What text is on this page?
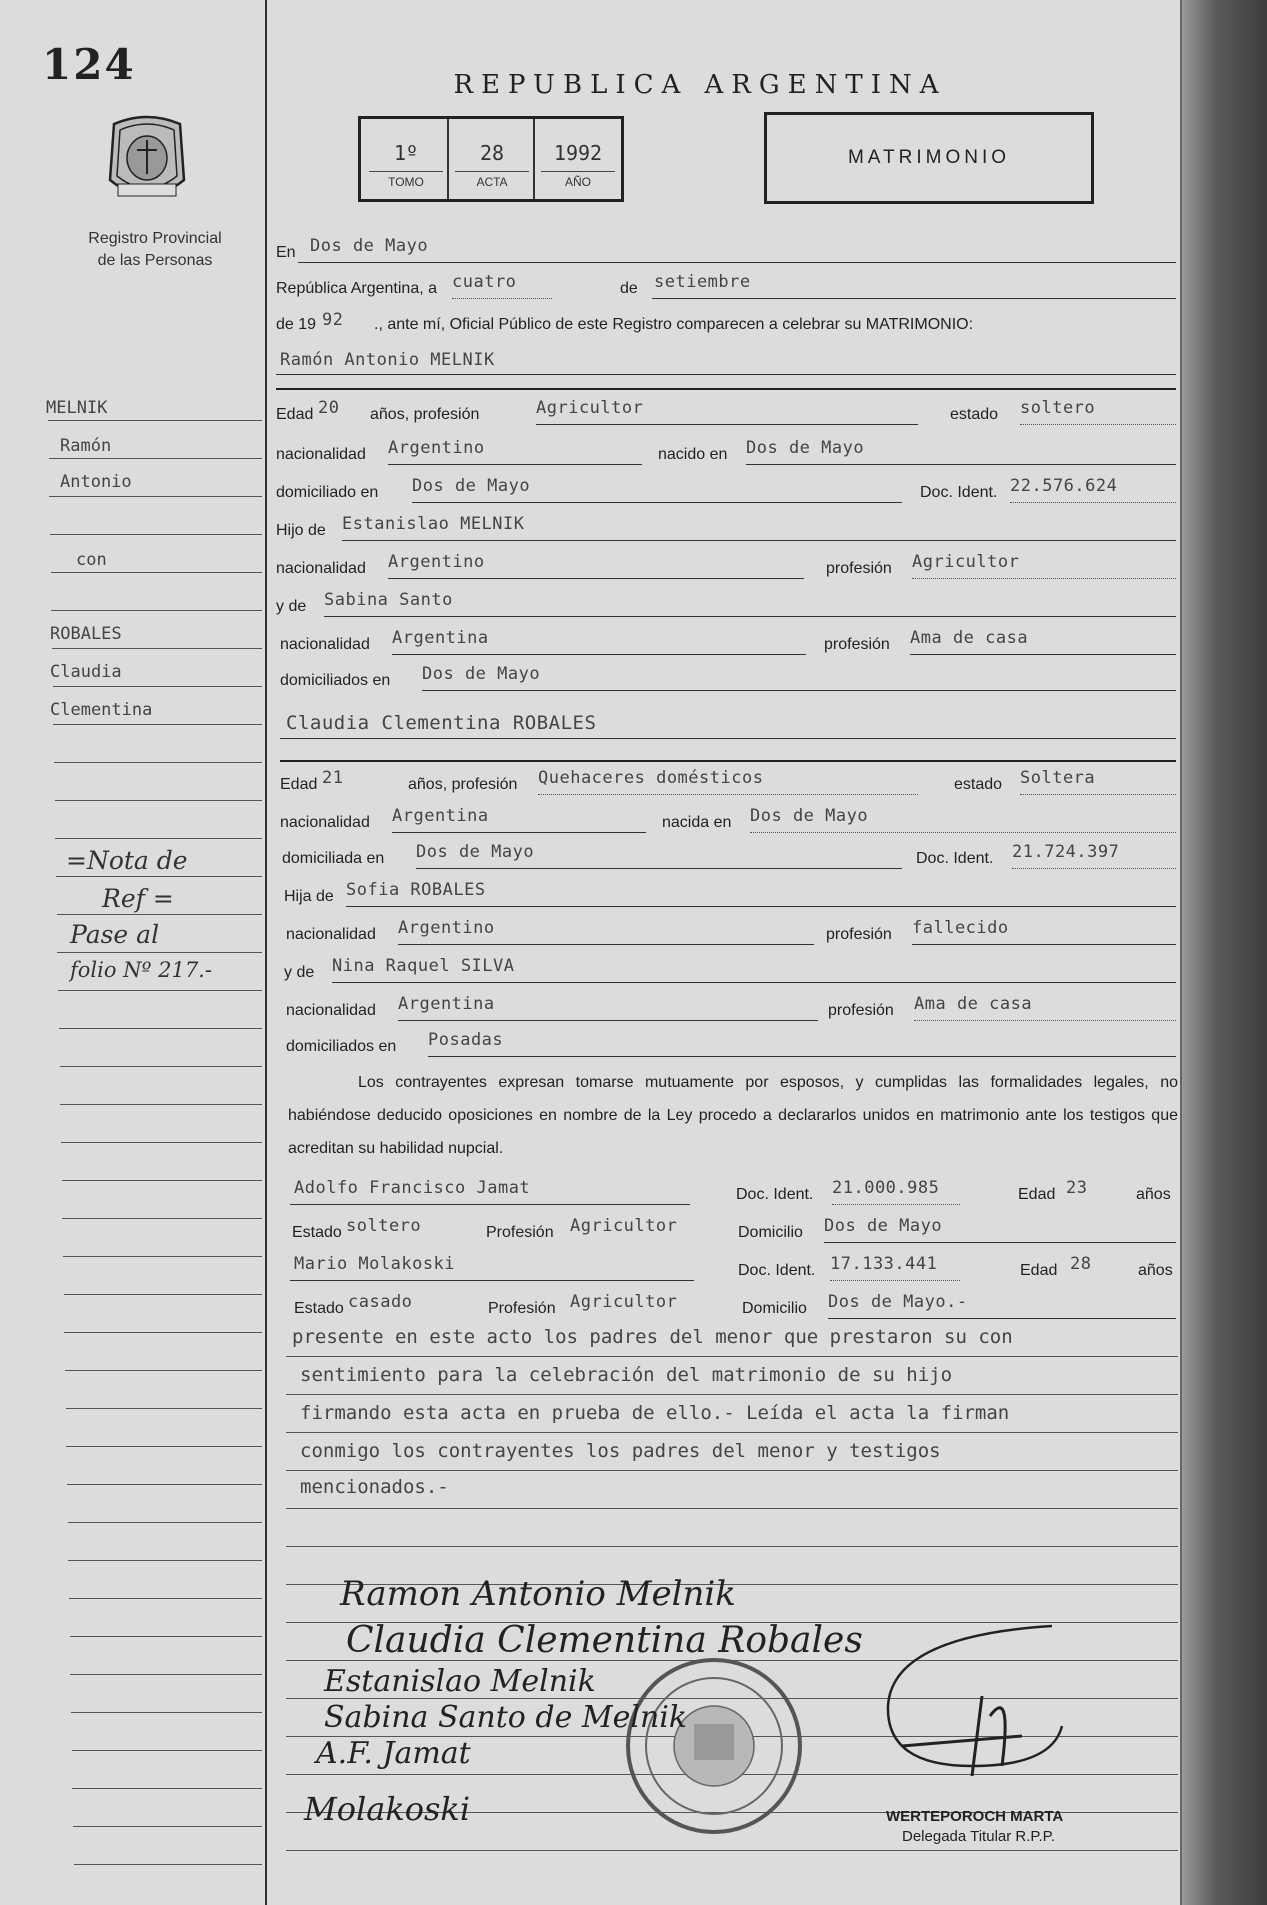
124
Registro Provincial
de las Personas
REPUBLICA ARGENTINA
1º
TOMO
28
ACTA
1992
AÑO
MATRIMONIO
En Dos de Mayo
República Argentina, a cuatro	de setiembre
de 19 92 ., ante mí, Oficial Público de este Registro comparecen a celebrar su MATRIMONIO:
Ramón Antonio MELNIK
Edad 20 años, profesión	Agricultor	estado soltero
nacionalidad Argentino	nacido en Dos de Mayo
domiciliado en Dos de Mayo	Doc. Ident. 22.576.624
Hijo de Estanislao MELNIK
nacionalidad Argentino	profesión Agricultor
y de Sabina Santo
nacionalidad Argentina	profesión Ama de casa
domiciliados en Dos de Mayo
Claudia Clementina ROBALES
Edad 21	años, profesión Quehaceres domésticos	estado Soltera
nacionalidad Argentina	nacida en Dos de Mayo
domiciliada en Dos de Mayo	Doc. Ident. 21.724.397
Hija de Sofia ROBALES
nacionalidad Argentino	profesión fallecido
y de Nina Raquel SILVA
nacionalidad Argentina	profesión Ama de casa
domiciliados en Posadas
Los contrayentes expresan tomarse mutuamente por esposos, y cumplidas las formalidades legales, no habiéndose deducido oposiciones en nombre de la Ley procedo a declararlos unidos en matrimonio ante los testigos que acreditan su habilidad nupcial.
Adolfo Francisco Jamat	Doc. Ident. 21.000.985	Edad 23	años
Estado soltero	Profesión Agricultor	Domicilio Dos de Mayo
Mario Molakoski	Doc. Ident. 17.133.441	Edad 28	años
Estado casado	Profesión Agricultor	Domicilio Dos de Mayo.-
presente en este acto los padres del menor que prestaron su con
sentimiento para la celebración del matrimonio de su hijo
firmando esta acta en prueba de ello.- Leída el acta la firman
conmigo los contrayentes los padres del menor y testigos
mencionados.-
MELNIK
Ramón
Antonio
con
ROBALES
Claudia
Clementina
=Nota de
Ref =
Pase al
folio Nº 217.-
Ramon Antonio Melnik
Claudia Clementina Robales
Estanislao Melnik
Sabina Santo de Melnik
A.F. Jamat
Molakoski	WERTEPOROCH MARTA
Delegada Titular R.P.P.
